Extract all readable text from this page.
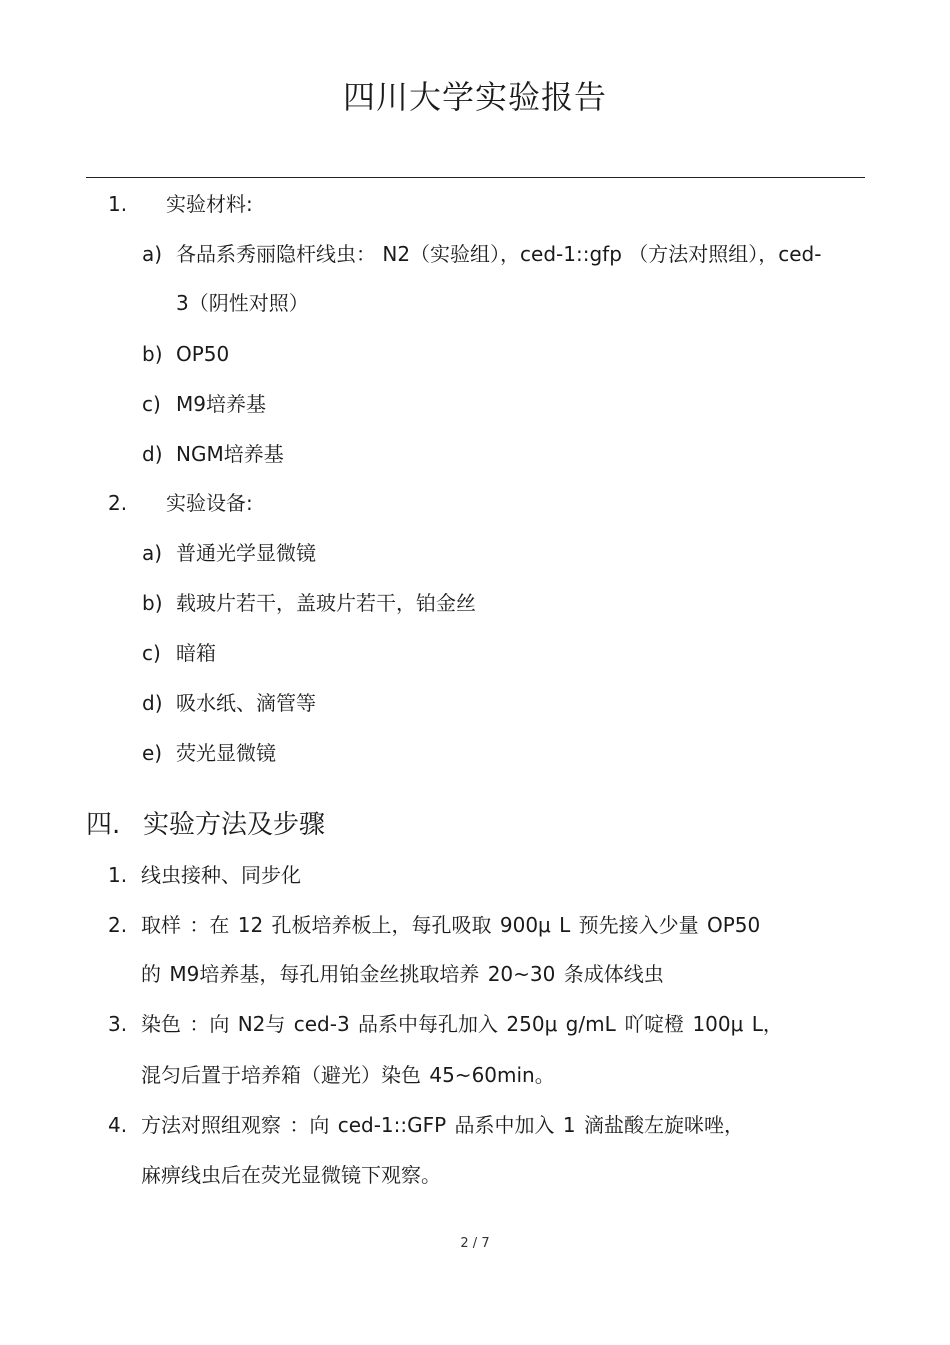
四川大学实验报告
1. 实验材料:
a) 各品系秀丽隐杆线虫： N2（实验组），ced-1::gfp （方法对照组），ced-
3（阴性对照）
b) OP50
c) M9培养基
d) NGM培养基
2. 实验设备:
a) 普通光学显微镜
b) 载玻片若干，盖玻片若干，铂金丝
c) 暗箱
d) 吸水纸、滴管等
e) 荧光显微镜
四. 实验方法及步骤
1. 线虫接种、同步化
2. 取样 ：在 12 孔板培养板上，每孔吸取 900μ L 预先接入少量 OP50
的 M9培养基，每孔用铂金丝挑取培养 20~30 条成体线虫
3. 染色 ：向 N2与 ced-3 品系中每孔加入 250μ g/mL 吖啶橙 100μ L，
混匀后置于培养箱（避光）染色 45~60min。
4. 方法对照组观察 ：向 ced-1::GFP 品系中加入 1 滴盐酸左旋咪唑，
麻痹线虫后在荧光显微镜下观察。
2 / 7
